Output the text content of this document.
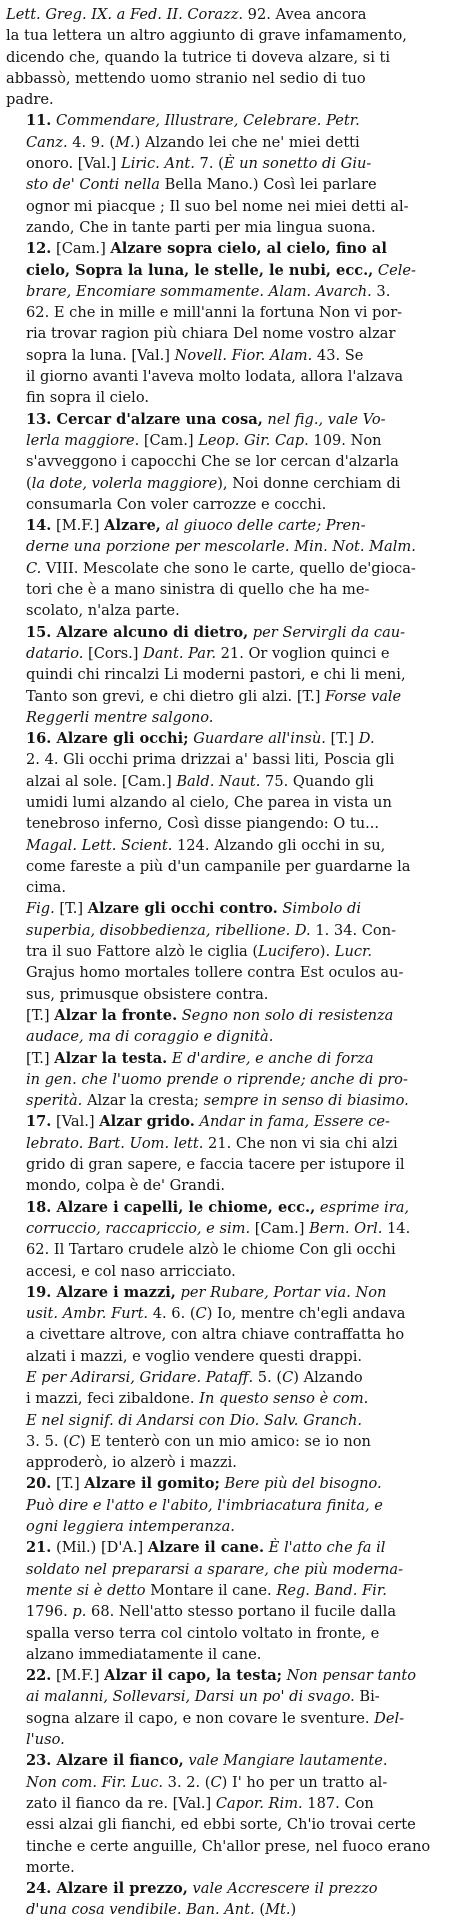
Lett. Greg. IX. a Fed. II. Corazz. 92. Avea ancora
la tua lettera un altro aggiunto di grave infamamento,
dicendo che, quando la tutrice ti doveva alzare, si ti
abbassò, mettendo uomo stranio nel sedio di tuo
padre.
11. Commendare, Illustrare, Celebrare. Petr.
Canz. 4. 9. (M.) Alzando lei che ne' miei detti
onoro. [Val.] Liric. Ant. 7. (È un sonetto di Giu-
sto de' Conti nella Bella Mano.) Così lei parlare
ognor mi piacque ; Il suo bel nome nei miei detti al-
zando, Che in tante parti per mia lingua suona.
12. [Cam.] Alzare sopra cielo, al cielo, fino al
cielo, Sopra la luna, le stelle, le nubi, ecc., Cele-
brare, Encomiare sommamente. Alam. Avarch. 3.
62. E che in mille e mill'anni la fortuna Non vi por-
ria trovar ragion più chiara Del nome vostro alzar
sopra la luna. [Val.] Novell. Fior. Alam. 43. Se
il giorno avanti l'aveva molto lodata, allora l'alzava
fin sopra il cielo.
13. Cercar d'alzare una cosa, nel fig., vale Vo-
lerla maggiore. [Cam.] Leop. Gir. Cap. 109. Non
s'avveggono i capocchi Che se lor cercan d'alzarla
(la dote, volerla maggiore), Noi donne cerchiam di
consumarla Con voler carrozze e cocchi.
14. [M.F.] Alzare, al giuoco delle carte; Pren-
derne una porzione per mescolarle. Min. Not. Malm.
C. VIII. Mescolate che sono le carte, quello de'gioca-
tori che è a mano sinistra di quello che ha me-
scolato, n'alza parte.
15. Alzare alcuno di dietro, per Servirgli da cau-
datario. [Cors.] Dant. Par. 21. Or voglion quinci e
quindi chi rincalzi Li moderni pastori, e chi li meni,
Tanto son grevi, e chi dietro gli alzi. [T.] Forse vale
Reggerli mentre salgono.
16. Alzare gli occhi; Guardare all'insù. [T.] D.
2. 4. Gli occhi prima drizzai a' bassi liti, Poscia gli
alzai al sole. [Cam.] Bald. Naut. 75. Quando gli
umidi lumi alzando al cielo, Che parea in vista un
tenebroso inferno, Così disse piangendo: O tu...
Magal. Lett. Scient. 124. Alzando gli occhi in su,
come fareste a più d'un campanile per guardarne la
cima.
Fig. [T.] Alzare gli occhi contro. Simbolo di
superbia, disobbedienza, ribellione. D. 1. 34. Con-
tra il suo Fattore alzò le ciglia (Lucifero). Lucr.
Grajus homo mortales tollere contra Est oculos au-
sus, primusque obsistere contra.
[T.] Alzar la fronte. Segno non solo di resistenza
audace, ma di coraggio e dignità.
[T.] Alzar la testa. E d'ardire, e anche di forza
in gen. che l'uomo prende o riprende; anche di pro-
sperità. Alzar la cresta; sempre in senso di biasimo.
17. [Val.] Alzar grido. Andar in fama, Essere ce-
lebrato. Bart. Uom. lett. 21. Che non vi sia chi alzi
grido di gran sapere, e faccia tacere per istupore il
mondo, colpa è de' Grandi.
18. Alzare i capelli, le chiome, ecc., esprime ira,
corruccio, raccapriccio, e sim. [Cam.] Bern. Orl. 14.
62. Il Tartaro crudele alzò le chiome Con gli occhi
accesi, e col naso arricciato.
19. Alzare i mazzi, per Rubare, Portar via. Non
usit. Ambr. Furt. 4. 6. (C) Io, mentre ch'egli andava
a civettare altrove, con altra chiave contraffatta ho
alzati i mazzi, e voglio vendere questi drappi.
E per Adirarsi, Gridare. Pataff. 5. (C) Alzando
i mazzi, feci zibaldone. In questo senso è com.
E nel signif. di Andarsi con Dio. Salv. Granch.
3. 5. (C) E tenterò con un mio amico: se io non
approderò, io alzerò i mazzi.
20. [T.] Alzare il gomito; Bere più del bisogno.
Può dire e l'atto e l'abito, l'imbriacatura finita, e
ogni leggiera intemperanza.
21. (Mil.) [D'A.] Alzare il cane. È l'atto che fa il
soldato nel prepararsi a sparare, che più moderna-
mente si è detto Montare il cane. Reg. Band. Fir.
1796. p. 68. Nell'atto stesso portano il fucile dalla
spalla verso terra col cintolo voltato in fronte, e
alzano immediatamente il cane.
22. [M.F.] Alzar il capo, la testa; Non pensar tanto
ai malanni, Sollevarsi, Darsi un po' di svago. Bi-
sogna alzare il capo, e non covare le sventure. Del-
l'uso.
23. Alzare il fianco, vale Mangiare lautamente.
Non com. Fir. Luc. 3. 2. (C) I' ho per un tratto al-
zato il fianco da re. [Val.] Capor. Rim. 187. Con
essi alzai gli fianchi, ed ebbi sorte, Ch'io trovai certe
tinche e certe anguille, Ch'allor prese, nel fuoco erano
morte.
24. Alzare il prezzo, vale Accrescere il prezzo
d'una cosa vendibile. Ban. Ant. (Mt.)
